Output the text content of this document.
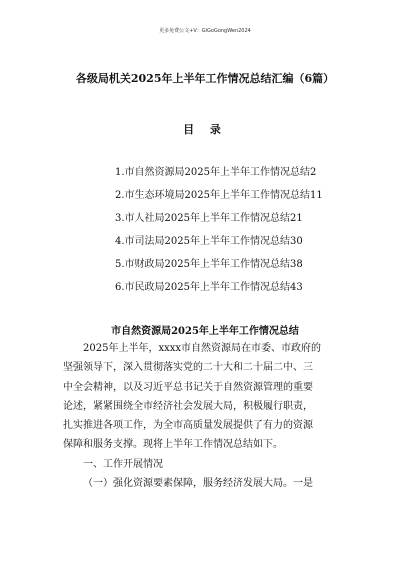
更多免费公文+V：GiGoGongWen2024
各级局机关2025年上半年工作情况总结汇编（6篇）
目 录
1.市自然资源局2025年上半年工作情况总结2
2.市生态环境局2025年上半年工作情况总结11
3.市人社局2025年上半年工作情况总结21
4.市司法局2025年上半年工作情况总结30
5.市财政局2025年上半年工作情况总结38
6.市民政局2025年上半年工作情况总结43
市自然资源局2025年上半年工作情况总结
2025年上半年，xxxx市自然资源局在市委、市政府的
坚强领导下，深入贯彻落实党的二十大和二十届二中、三
中全会精神，以及习近平总书记关于自然资源管理的重要
论述，紧紧围绕全市经济社会发展大局，积极履行职责，
扎实推进各项工作，为全市高质量发展提供了有力的资源
保障和服务支撑。现将上半年工作情况总结如下。
一、工作开展情况
（一）强化资源要素保障，服务经济发展大局。一是
